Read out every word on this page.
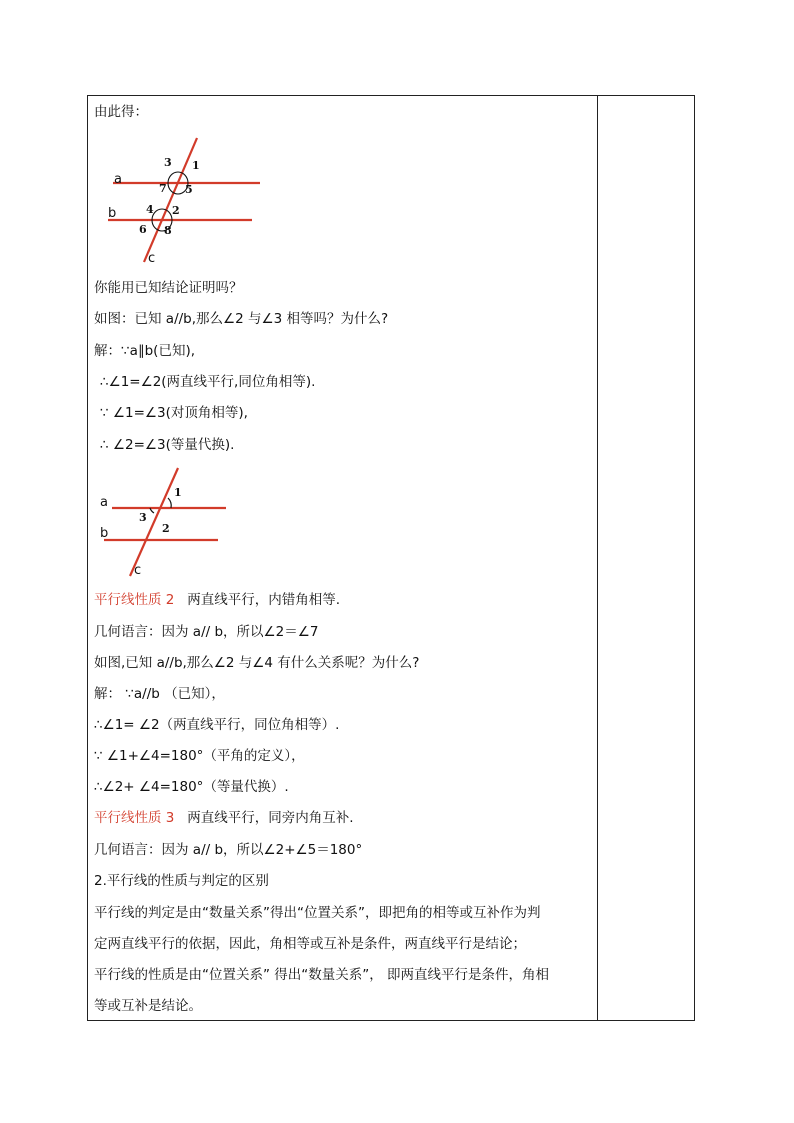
由此得：
a
b
c
3 1
7 5
4 2
6 8
你能用已知结论证明吗？
如图：已知 a//b,那么∠2 与∠3 相等吗？为什么?
解：∵a∥b(已知),
∴∠1=∠2(两直线平行,同位角相等).
∵ ∠1=∠3(对顶角相等),
∴ ∠2=∠3(等量代换).
a
b
c
1
3
2
平行线性质 2 两直线平行，内错角相等.
几何语言：因为 a// b，所以∠2＝∠7
如图,已知 a//b,那么∠2 与∠4 有什么关系呢？为什么?
解： ∵a//b （已知），
∴∠1= ∠2（两直线平行，同位角相等）.
∵ ∠1+∠4=180°（平角的定义），
∴∠2+ ∠4=180°（等量代换）.
平行线性质 3 两直线平行，同旁内角互补.
几何语言：因为 a// b，所以∠2+∠5＝180°
2.平行线的性质与判定的区别
平行线的判定是由“数量关系”得出“位置关系”，即把角的相等或互补作为判
定两直线平行的依据，因此，角相等或互补是条件，两直线平行是结论；
平行线的性质是由“位置关系” 得出“数量关系”， 即两直线平行是条件，角相
等或互补是结论。
